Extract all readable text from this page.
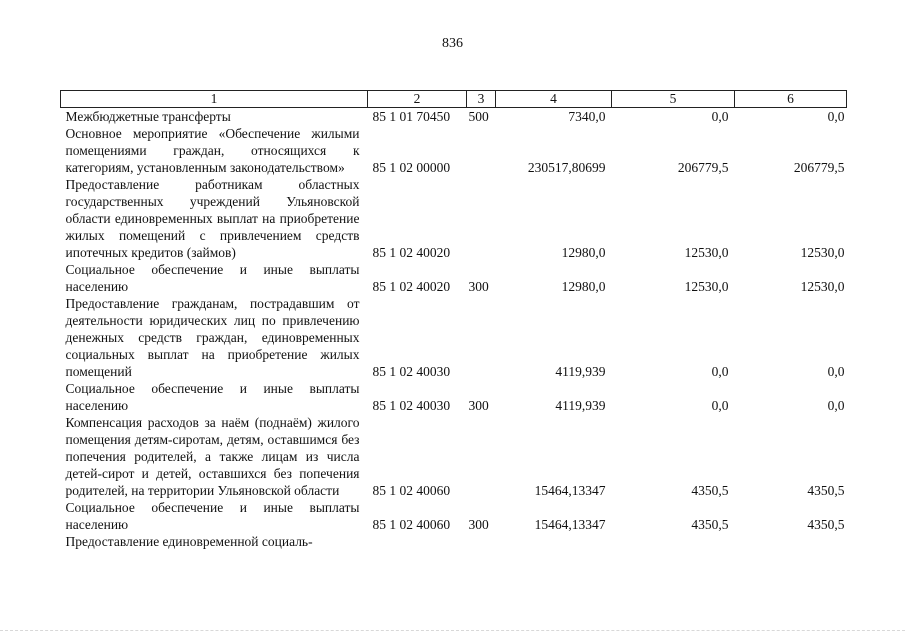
836
1	2	3	4	5	6
Межбюджетные трансферты	85 1 01 70450	500	7340,0	0,0	0,0
Основное мероприятие «Обеспечение жилыми помещениями граждан, относящихся к категориям, установленным законодательством»	85 1 02 00000		230517,80699	206779,5	206779,5
Предоставление работникам областных государственных учреждений Ульяновской области единовременных выплат на приобретение жилых помещений с привлечением средств ипотечных кредитов (займов)	85 1 02 40020		12980,0	12530,0	12530,0
Социальное обеспечение и иные выплаты населению	85 1 02 40020	300	12980,0	12530,0	12530,0
Предоставление гражданам, пострадавшим от деятельности юридических лиц по привлечению денежных средств граждан, единовременных социальных выплат на приобретение жилых помещений	85 1 02 40030		4119,939	0,0	0,0
Социальное обеспечение и иные выплаты населению	85 1 02 40030	300	4119,939	0,0	0,0
Компенсация расходов за наём (поднаём) жилого помещения детям-сиротам, детям, оставшимся без попечения родителей, а также лицам из числа детей-сирот и детей, оставшихся без попечения родителей, на территории Ульяновской области	85 1 02 40060		15464,13347	4350,5	4350,5
Социальное обеспечение и иные выплаты населению	85 1 02 40060	300	15464,13347	4350,5	4350,5
Предоставление единовременной социаль-					
